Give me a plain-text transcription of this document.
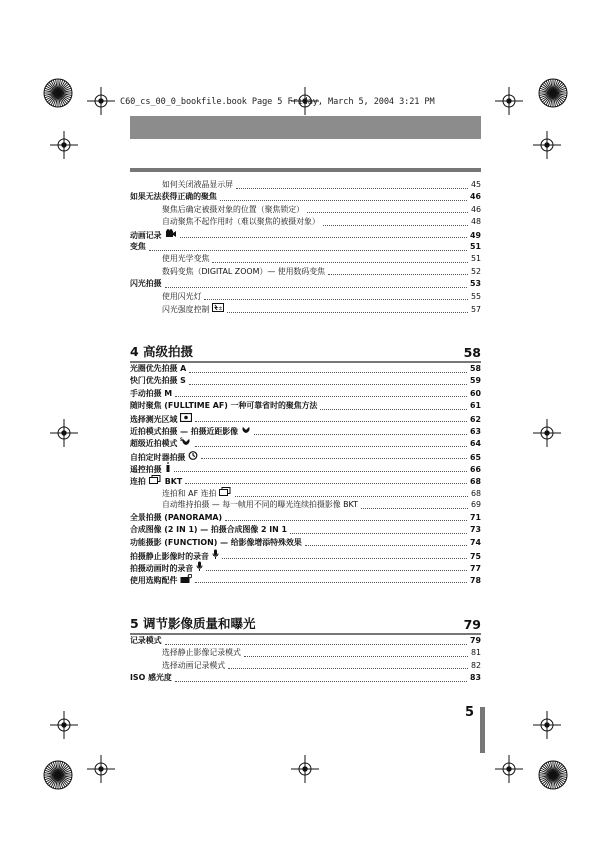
C60_cs_00_0_bookfile.book Page 5 Friday, March 5, 2004 3:21 PM
如何关闭液晶显示屏	45
如果无法获得正确的聚焦	46
聚焦后确定被摄对象的位置（聚焦锁定）	46
自动聚焦不起作用时（难以聚焦的被摄对象）	48
动画记录	49
变焦	51
使用光学变焦	51
数码变焦（DIGITAL ZOOM）— 使用数码变焦	52
闪光拍摄	53
使用闪光灯	55
闪光强度控制 ±	57
4 高级拍摄	58
光圈优先拍摄 A	58
快门优先拍摄 S	59
手动拍摄 M	60
随时聚焦 (FULLTIME AF) 一种可靠省时的聚焦方法	61
选择测光区域	62
近拍模式拍摄 — 拍摄近距影像	63
超级近拍模式 S	64
自拍定时器拍摄	65
遥控拍摄	66
连拍 BKT	68
连拍和 AF 连拍	68
自动维持拍摄 — 每一帧用不同的曝光连续拍摄影像 BKT	69
全景拍摄 (PANORAMA)	71
合成图像 (2 IN 1) — 拍摄合成图像 2 IN 1	73
功能摄影 (FUNCTION) — 给影像增添特殊效果	74
拍摄静止影像时的录音	75
拍摄动画时的录音	77
使用选购配件	78
5 调节影像质量和曝光	79
记录模式	79
选择静止影像记录模式	81
选择动画记录模式	82
ISO 感光度	83
5
